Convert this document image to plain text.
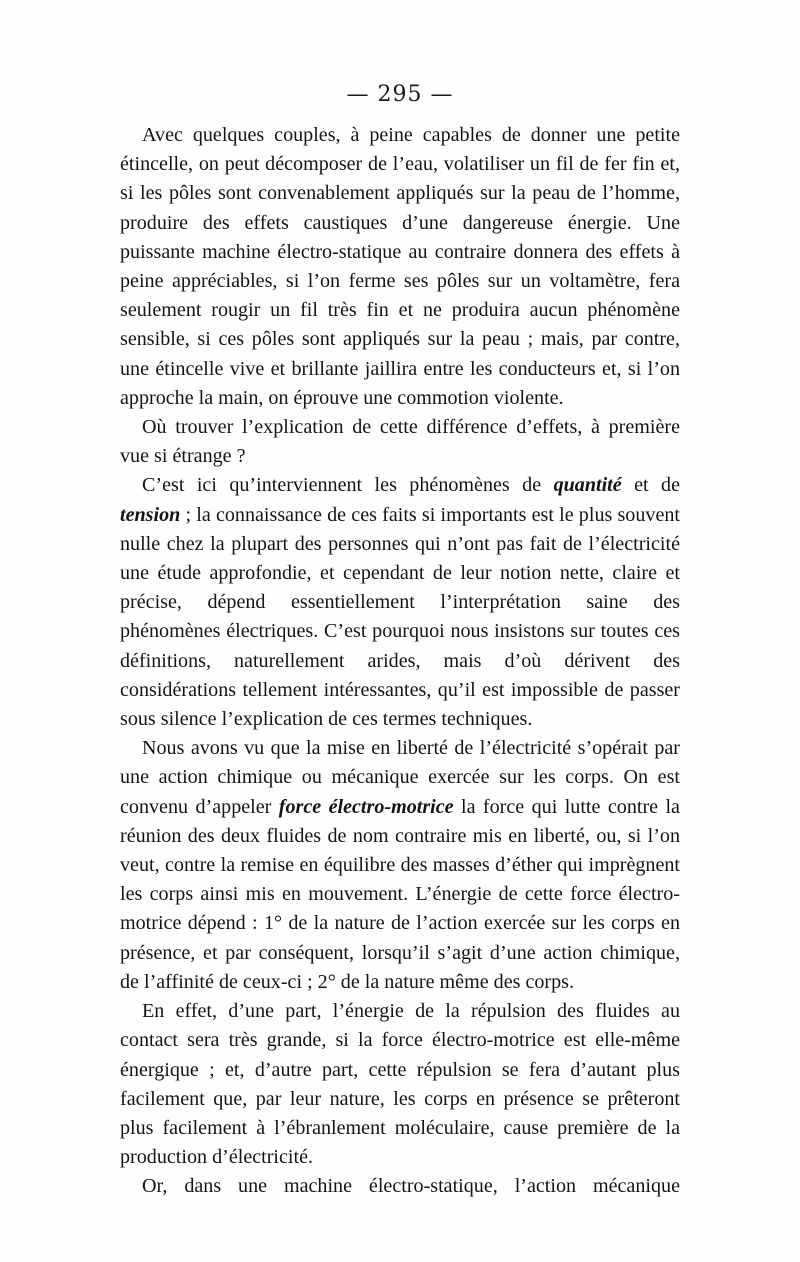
— 295 —

Avec quelques couples, à peine capables de donner une petite étincelle, on peut décomposer de l’eau, volatiliser un fil de fer fin et, si les pôles sont convenablement appliqués sur la peau de l’homme, produire des effets caustiques d’une dangereuse énergie. Une puissante machine électro-statique au contraire donnera des effets à peine appréciables, si l’on ferme ses pôles sur un voltamètre, fera seulement rougir un fil très fin et ne produira aucun phénomène sensible, si ces pôles sont appliqués sur la peau ; mais, par contre, une étincelle vive et brillante jaillira entre les conducteurs et, si l’on approche la main, on éprouve une commotion violente.

Où trouver l’explication de cette différence d’effets, à première vue si étrange ?

C’est ici qu’interviennent les phénomènes de quantité et de tension ; la connaissance de ces faits si importants est le plus souvent nulle chez la plupart des personnes qui n’ont pas fait de l’électricité une étude approfondie, et cependant de leur notion nette, claire et précise, dépend essentiellement l’interprétation saine des phénomènes électriques. C’est pourquoi nous insistons sur toutes ces définitions, naturellement arides, mais d’où dérivent des considérations tellement intéressantes, qu’il est impossible de passer sous silence l’explication de ces termes techniques.

Nous avons vu que la mise en liberté de l’électricité s’opérait par une action chimique ou mécanique exercée sur les corps. On est convenu d’appeler force électro-motrice la force qui lutte contre la réunion des deux fluides de nom contraire mis en liberté, ou, si l’on veut, contre la remise en équilibre des masses d’éther qui imprègnent les corps ainsi mis en mouvement. L’énergie de cette force électro-motrice dépend : 1° de la nature de l’action exercée sur les corps en présence, et par conséquent, lorsqu’il s’agit d’une action chimique, de l’affinité de ceux-ci ; 2° de la nature même des corps.

En effet, d’une part, l’énergie de la répulsion des fluides au contact sera très grande, si la force électro-motrice est elle-même énergique ; et, d’autre part, cette répulsion se fera d’autant plus facilement que, par leur nature, les corps en présence se prêteront plus facilement à l’ébranlement moléculaire, cause première de la production d’électricité.

Or, dans une machine électro-statique, l’action mécanique
